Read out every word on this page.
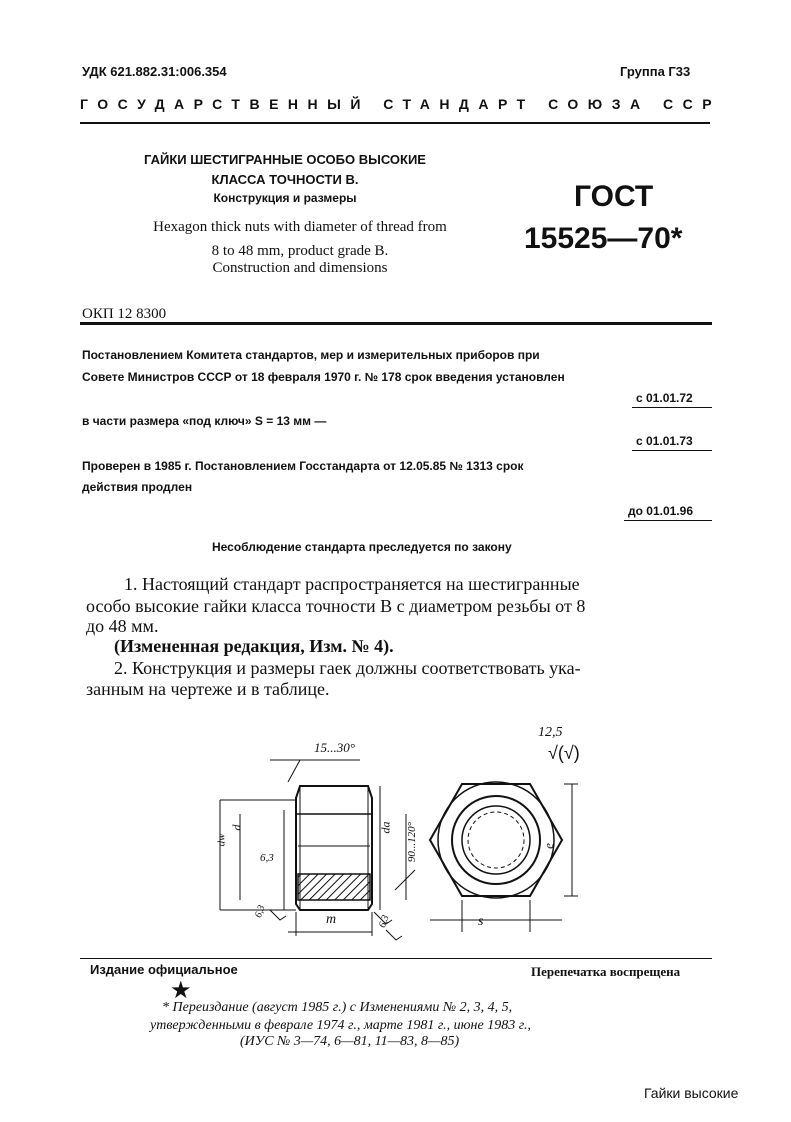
УДК 621.882.31:006.354	Группа Г33
ГОСУДАРСТВЕННЫЙ СТАНДАРТ СОЮЗА ССР
ГАЙКИ ШЕСТИГРАННЫЕ ОСОБО ВЫСОКИЕ
КЛАССА ТОЧНОСТИ В.
Конструкция и размеры
Hexagon thick nuts with diameter of thread from
8 to 48 mm, product grade B.
Construction and dimensions
ГОСТ
15525—70*
ОКП 12 8300
Постановлением Комитета стандартов, мер и измерительных приборов при
Совете Министров СССР от 18 февраля 1970 г. № 178 срок введения установлен
с 01.01.72
в части размера «под ключ» S = 13 мм —
с 01.01.73
Проверен в 1985 г. Постановлением Госстандарта от 12.05.85 № 1313 срок
действия продлен
до 01.01.96
Несоблюдение стандарта преследуется по закону
1. Настоящий стандарт распространяется на шестигранные
особо высокие гайки класса точности В с диаметром резьбы от 8
до 48 мм.
(Измененная редакция, Изм. № 4).
2. Конструкция и размеры гаек должны соответствовать ука-
занным на чертеже и в таблице.
15...30°
12,5
√(√)
dw
d	da 90...120°	e
6,3
6,3
6,3
m	s
Издание официальное	Перепечатка воспрещена
★
* Переиздание (август 1985 г.) с Изменениями № 2, 3, 4, 5,
утвержденными в феврале 1974 г., марте 1981 г., июне 1983 г.,
(ИУС № 3—74, 6—81, 11—83, 8—85)
Гайки высокие
